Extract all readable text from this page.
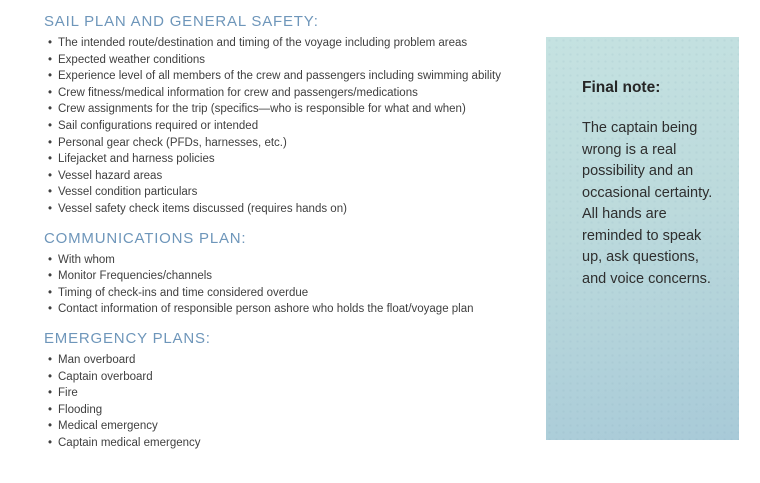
SAIL PLAN AND GENERAL SAFETY:
• The intended route/destination and timing of the voyage including problem areas
• Expected weather conditions
• Experience level of all members of the crew and passengers including swimming ability
• Crew fitness/medical information for crew and passengers/medications
• Crew assignments for the trip (specifics—who is responsible for what and when)
• Sail configurations required or intended
• Personal gear check (PFDs, harnesses, etc.)
• Lifejacket and harness policies
• Vessel hazard areas
• Vessel condition particulars
• Vessel safety check items discussed (requires hands on)
COMMUNICATIONS PLAN:
• With whom
• Monitor Frequencies/channels
• Timing of check-ins and time considered overdue
• Contact information of responsible person ashore who holds the float/voyage plan
EMERGENCY PLANS:
• Man overboard
• Captain overboard
• Fire
• Flooding
• Medical emergency
• Captain medical emergency
Final note:

The captain being wrong is a real possibility and an occasional certainty. All hands are reminded to speak up, ask questions, and voice concerns.
